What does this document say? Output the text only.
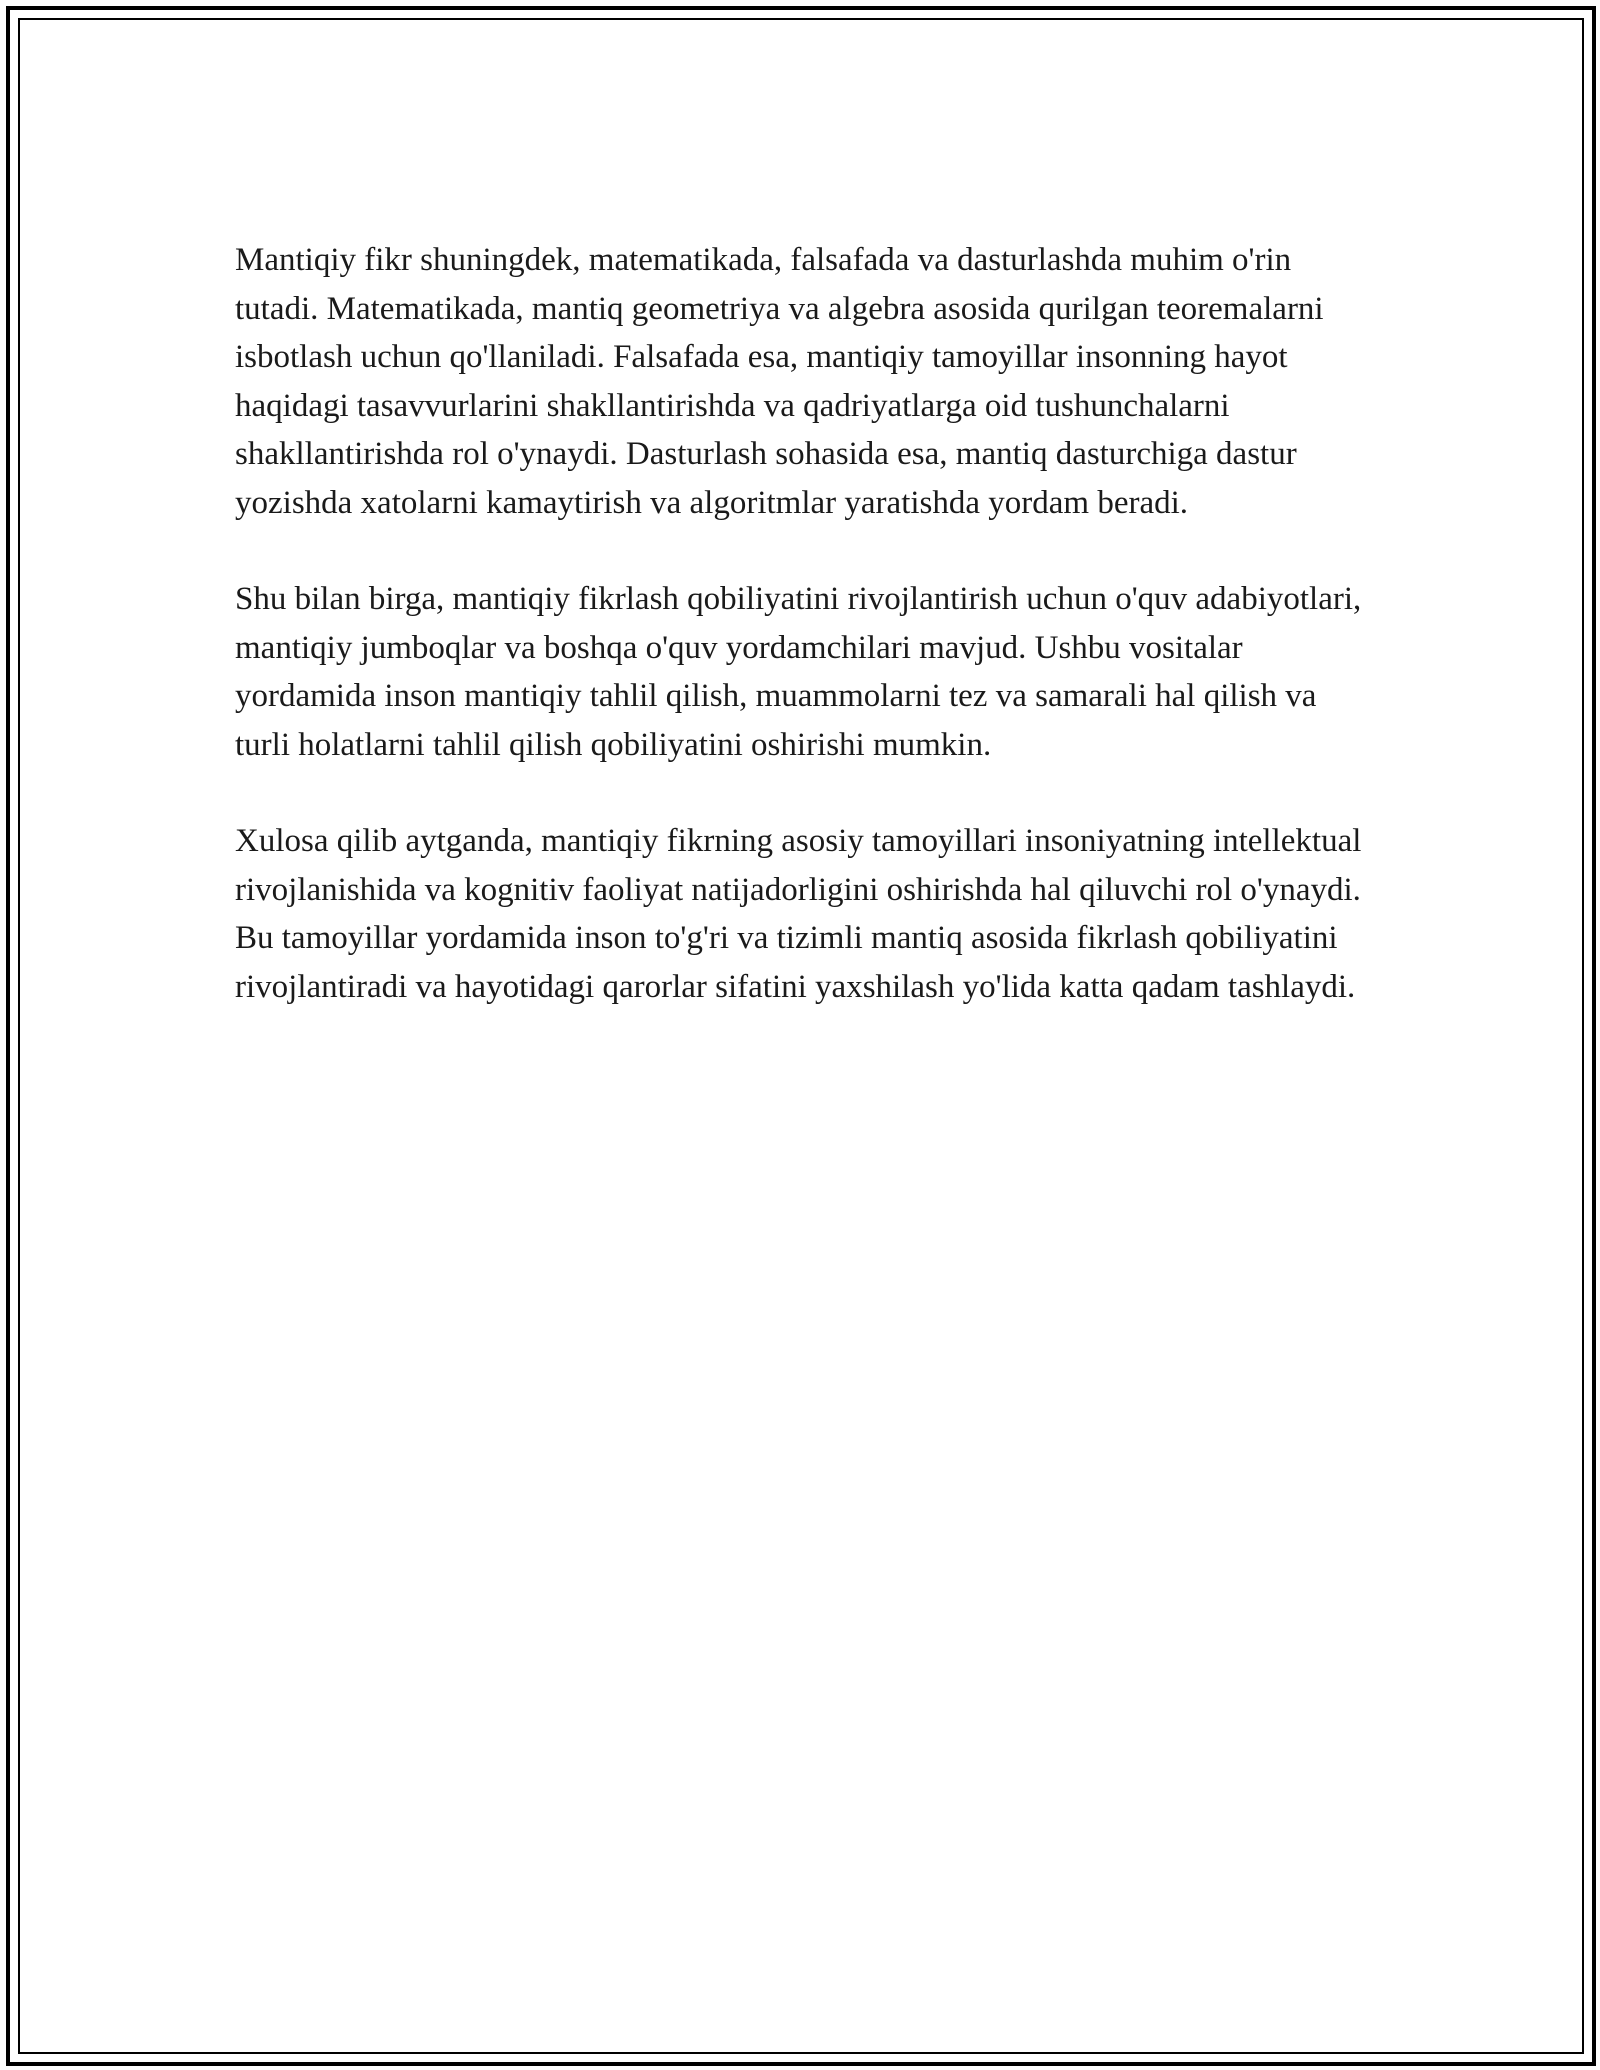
Mantiqiy fikr shuningdek, matematikada, falsafada va dasturlashda muhim o'rin tutadi. Matematikada, mantiq geometriya va algebra asosida qurilgan teoremalarni isbotlash uchun qo'llaniladi. Falsafada esa, mantiqiy tamoyillar insonning hayot haqidagi tasavvurlarini shakllantirishda va qadriyatlarga oid tushunchalarni shakllantirishda rol o'ynaydi. Dasturlash sohasida esa, mantiq dasturchiga dastur yozishda xatolarni kamaytirish va algoritmlar yaratishda yordam beradi.

Shu bilan birga, mantiqiy fikrlash qobiliyatini rivojlantirish uchun o'quv adabiyotlari, mantiqiy jumboqlar va boshqa o'quv yordamchilari mavjud. Ushbu vositalar yordamida inson mantiqiy tahlil qilish, muammolarni tez va samarali hal qilish va turli holatlarni tahlil qilish qobiliyatini oshirishi mumkin.

Xulosa qilib aytganda, mantiqiy fikrning asosiy tamoyillari insoniyatning intellektual rivojlanishida va kognitiv faoliyat natijadorligini oshirishda hal qiluvchi rol o'ynaydi. Bu tamoyillar yordamida inson to'g'ri va tizimli mantiq asosida fikrlash qobiliyatini rivojlantiradi va hayotidagi qarorlar sifatini yaxshilash yo'lida katta qadam tashlaydi.
